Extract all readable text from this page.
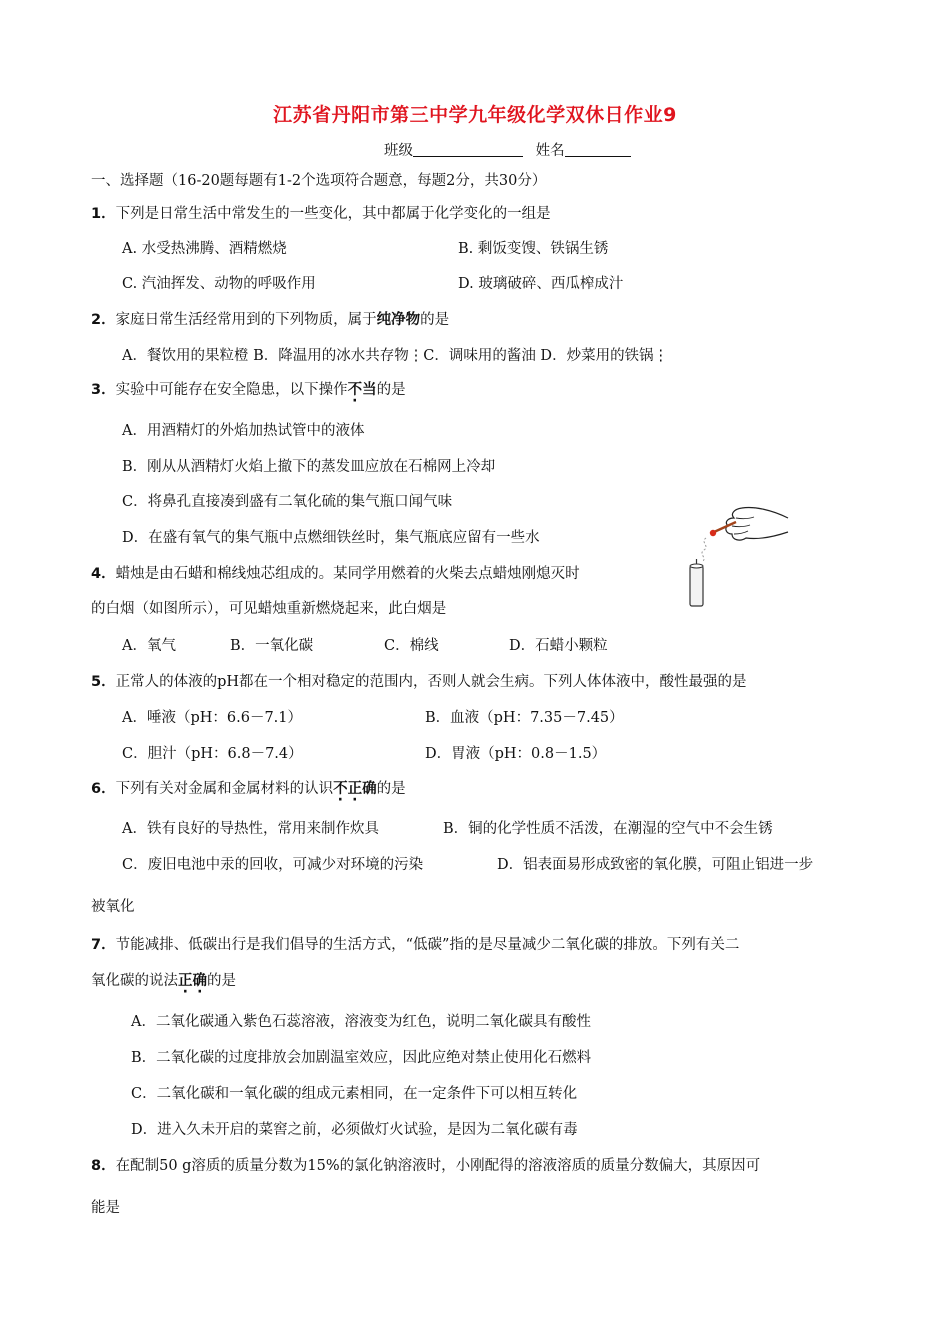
江苏省丹阳市第三中学九年级化学双休日作业9
班级	姓名
一、选择题（16-20题每题有1-2个选项符合题意，每题2分，共30分）
1．下列是日常生活中常发生的一些变化，其中都属于化学变化的一组是
A. 水受热沸腾、酒精燃烧	B. 剩饭变馊、铁锅生锈
C. 汽油挥发、动物的呼吸作用	D. 玻璃破碎、西瓜榨成汁
2．家庭日常生活经常用到的下列物质，属于纯净物的是
A．餐饮用的果粒橙 B．降温用的冰水共存物⋮C．调味用的酱油 D．炒菜用的铁锅⋮
3．实验中可能存在安全隐患，以下操作不当的是
A．用酒精灯的外焰加热试管中的液体
B．刚从从酒精灯火焰上撤下的蒸发皿应放在石棉网上冷却
C．将鼻孔直接凑到盛有二氧化硫的集气瓶口闻气味
D．在盛有氧气的集气瓶中点燃细铁丝时，集气瓶底应留有一些水
4．蜡烛是由石蜡和棉线烛芯组成的。某同学用燃着的火柴去点蜡烛刚熄灭时
的白烟（如图所示），可见蜡烛重新燃烧起来，此白烟是
A．氧气	B．一氧化碳	C．棉线	D．石蜡小颗粒
5．正常人的体液的pH都在一个相对稳定的范围内，否则人就会生病。下列人体体液中，酸性最强的是
A．唾液（pH：6.6－7.1）	B．血液（pH：7.35－7.45）
C．胆汁（pH：6.8－7.4）	D．胃液（pH：0.8－1.5）
6．下列有关对金属和金属材料的认识不正确的是
A．铁有良好的导热性，常用来制作炊具	B．铜的化学性质不活泼，在潮湿的空气中不会生锈
C．废旧电池中汞的回收，可减少对环境的污染	D．铝表面易形成致密的氧化膜，可阻止铝进一步
被氧化
7．节能减排、低碳出行是我们倡导的生活方式，“低碳”指的是尽量减少二氧化碳的排放。下列有关二
氧化碳的说法正确的是
A．二氧化碳通入紫色石蕊溶液，溶液变为红色，说明二氧化碳具有酸性
B．二氧化碳的过度排放会加剧温室效应，因此应绝对禁止使用化石燃料
C．二氧化碳和一氧化碳的组成元素相同，在一定条件下可以相互转化
D．进入久未开启的菜窖之前，必须做灯火试验，是因为二氧化碳有毒
8．在配制50 g溶质的质量分数为15%的氯化钠溶液时，小刚配得的溶液溶质的质量分数偏大，其原因可
能是
